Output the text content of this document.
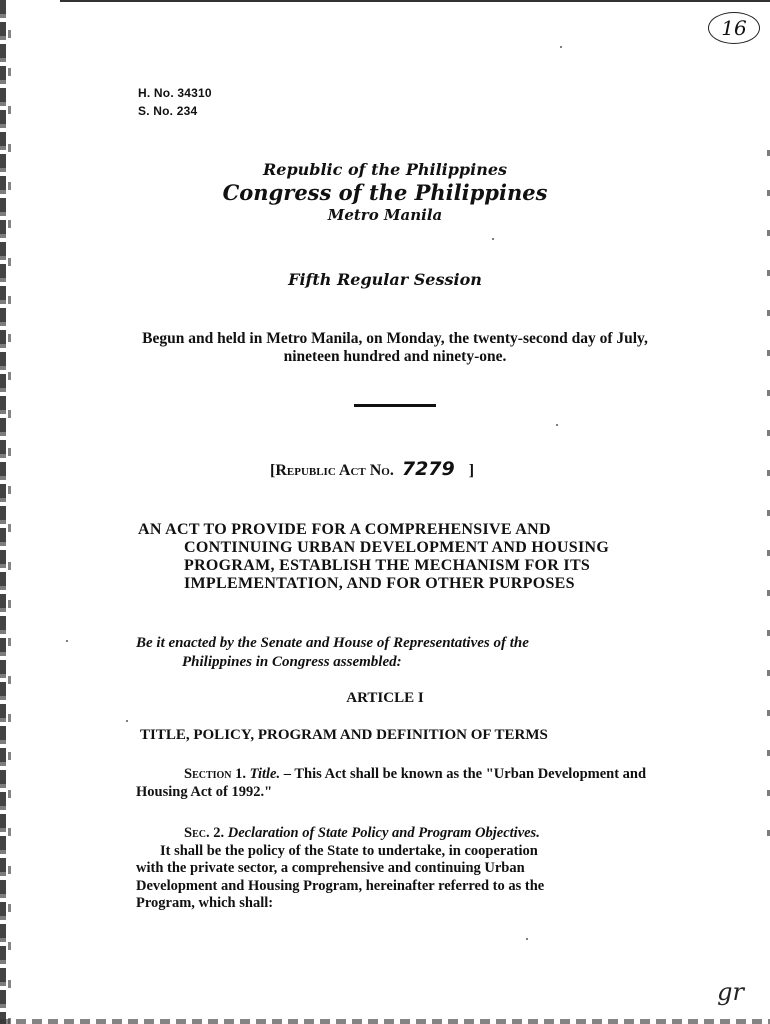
16
H. No. 34310
S. No. 234
Republic of the Philippines
Congress of the Philippines
Metro Manila
Fifth Regular Session
Begun and held in Metro Manila, on Monday, the twenty-second day of July, nineteen hundred and ninety-one.
[Republic Act No. 7279 ]
AN ACT TO PROVIDE FOR A COMPREHENSIVE AND
CONTINUING URBAN DEVELOPMENT AND HOUSING PROGRAM, ESTABLISH THE MECHANISM FOR ITS IMPLEMENTATION, AND FOR OTHER PURPOSES
Be it enacted by the Senate and House of Representatives of the
Philippines in Congress assembled:
ARTICLE I
TITLE, POLICY, PROGRAM AND DEFINITION OF TERMS
Section 1. Title. – This Act shall be known as the "Urban Development and Housing Act of 1992."
Sec. 2. Declaration of State Policy and Program Objectives.
It shall be the policy of the State to undertake, in cooperation
with the private sector, a comprehensive and continuing Urban
Development and Housing Program, hereinafter referred to as the
Program, which shall:
gr
